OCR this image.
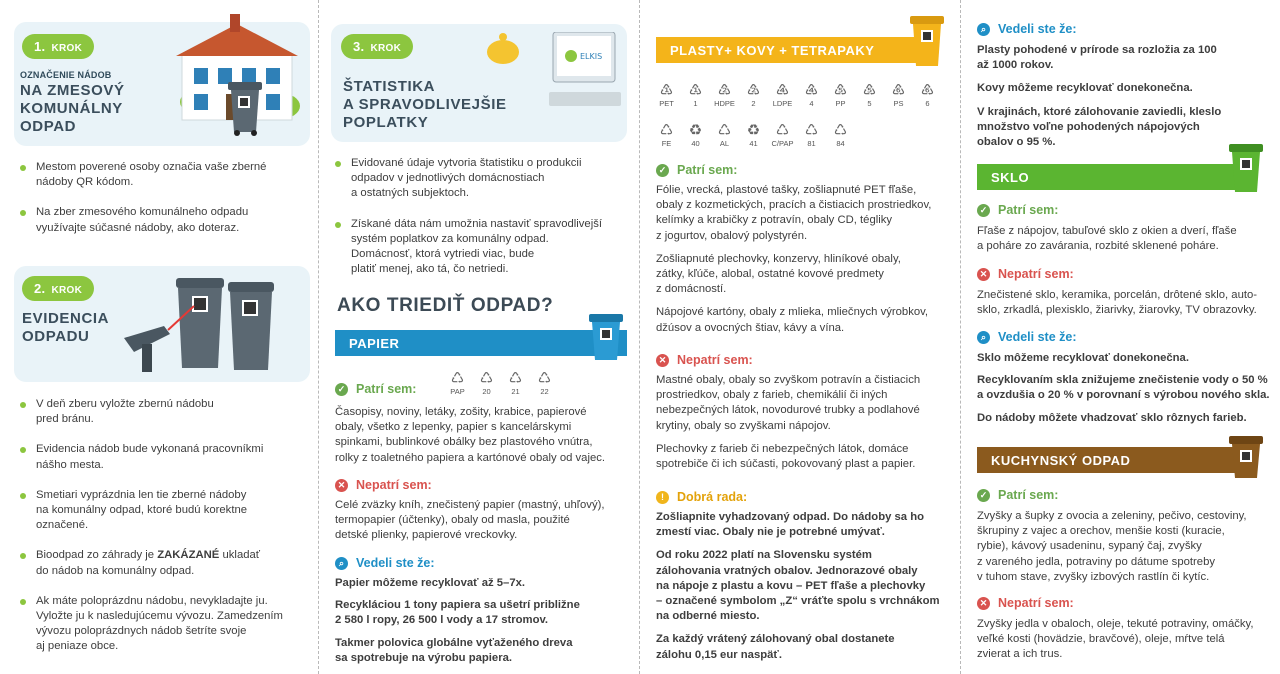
1. KROK
OZNAČENIE NÁDOB
NA ZMESOVÝ
KOMUNÁLNY
ODPAD
Mestom poverené osoby označia vaše zberné
nádoby QR kódom.
Na zber zmesového komunálneho odpadu
využívajte súčasné nádoby, ako doteraz.
2. KROK
EVIDENCIA
ODPADU
V deň zberu vyložte zbernú nádobu
pred bránu.
Evidencia nádob bude vykonaná pracovníkmi
nášho mesta.
Smetiari vyprázdnia len tie zberné nádoby
na komunálny odpad, ktoré budú korektne
označené.
Bioodpad zo záhrady je ZAKÁZANÉ ukladať
do nádob na komunálny odpad.
Ak máte poloprázdnu nádobu, nevykladajte ju.
Vyložte ju k nasledujúcemu vývozu. Zamedzením
vývozu poloprázdnych nádob šetríte svoje
aj peniaze obce.
3. KROK
ŠTATISTIKA
A SPRAVODLIVEJŠIE
POPLATKY
ELKIS
Evidované údaje vytvoria štatistiku o produkcii
odpadov v jednotlivých domácnostiach
a ostatných subjektoch.
Získané dáta nám umožnia nastaviť spravodlivejší
systém poplatkov za komunálny odpad.
Domácnosť, ktorá vytriedi viac, bude
platiť menej, ako tá, čo netriedi.
AKO TRIEDIŤ ODPAD?
PAPIER
✓ Patrí sem:
♺
PAP
♺
20
♺
21
♺
22
Časopisy, noviny, letáky, zošity, krabice, papierové
obaly, všetko z lepenky, papier s kancelárskymi
spinkami, bublinkové obálky bez plastového vnútra,
rolky z toaletného papiera a kartónové obaly od vajec.
✕ Nepatrí sem:
Celé zväzky kníh, znečistený papier (mastný, uhľový),
termopapier (účtenky), obaly od masla, použité
detské plienky, papierové vreckovky.
⌕ Vedeli ste že:
Papier môžeme recyklovať až 5–7x.
Recykláciou 1 tony papiera sa ušetrí približne
2 580 l ropy, 26 500 l vody a 17 stromov.
Takmer polovica globálne vyťaženého dreva
sa spotrebuje na výrobu papiera.
PLASTY+ KOVY + TETRAPAKY
♳
PET
♳
1
♴
HDPE
♴
2
♶
LDPE
♶
4
♷
PP
♷
5
♸
PS
♸
6
♺
FE
♻
40
♺
AL
♻
41
♺
C/PAP
♺
81
♺
84
✓ Patrí sem:
Fólie, vrecká, plastové tašky, zošliapnuté PET fľaše,
obaly z kozmetických, pracích a čistiacich prostriedkov,
kelímky a krabičky z potravín, obaly CD, tégliky
z jogurtov, obalový polystyrén.
Zošliapnuté plechovky, konzervy, hliníkové obaly,
zátky, kľúče, alobal, ostatné kovové predmety
z domácností.
Nápojové kartóny, obaly z mlieka, mliečnych výrobkov,
džúsov a ovocných štiav, kávy a vína.
✕ Nepatrí sem:
Mastné obaly, obaly so zvyškom potravín a čistiacich
prostriedkov, obaly z farieb, chemikálií či iných
nebezpečných látok, novodurové trubky a podlahové
krytiny, obaly so zvyškami nápojov.
Plechovky z farieb či nebezpečných látok, domáce
spotrebiče či ich súčasti, pokovovaný plast a papier.
!	Dobrá rada:
Zošliapnite vyhadzovaný odpad. Do nádoby sa ho
zmestí viac. Obaly nie je potrebné umývať.
Od roku 2022 platí na Slovensku systém
zálohovania vratných obalov. Jednorazové obaly
na nápoje z plastu a kovu – PET fľaše a plechovky
– označené symbolom „Z“ vráťte spolu s vrchnákom
na odberné miesto.
Za každý vrátený zálohovaný obal dostanete
zálohu 0,15 eur naspäť.
⌕ Vedeli ste že:
Plasty pohodené v prírode sa rozložia za 100
až 1000 rokov.
Kovy môžeme recyklovať donekonečna.
V krajinách, ktoré zálohovanie zaviedli, kleslo
množstvo voľne pohodených nápojových
obalov o 95 %.
SKLO
✓ Patrí sem:
Fľaše z nápojov, tabuľové sklo z okien a dverí, fľaše
a poháre zo zavárania, rozbité sklenené poháre.
✕ Nepatrí sem:
Znečistené sklo, keramika, porcelán, drôtené sklo, auto-
sklo, zrkadlá, plexisklo, žiarivky, žiarovky, TV obrazovky.
⌕ Vedeli ste že:
Sklo môžeme recyklovať donekonečna.
Recyklovaním skla znižujeme znečistenie vody o 50 %
a ovzdušia o 20 % v porovnaní s výrobou nového skla.
Do nádoby môžete vhadzovať sklo rôznych farieb.
KUCHYNSKÝ ODPAD
✓ Patrí sem:
Zvyšky a šupky z ovocia a zeleniny, pečivo, cestoviny,
škrupiny z vajec a orechov, menšie kosti (kuracie,
rybie), kávový usadeninu, sypaný čaj, zvyšky
z vareného jedla, potraviny po dátume spotreby
v tuhom stave, zvyšky izbových rastlín či kytíc.
✕ Nepatrí sem:
Zvyšky jedla v obaloch, oleje, tekuté potraviny, omáčky,
veľké kosti (hovädzie, bravčové), oleje, mŕtve telá
zvierat a ich trus.
